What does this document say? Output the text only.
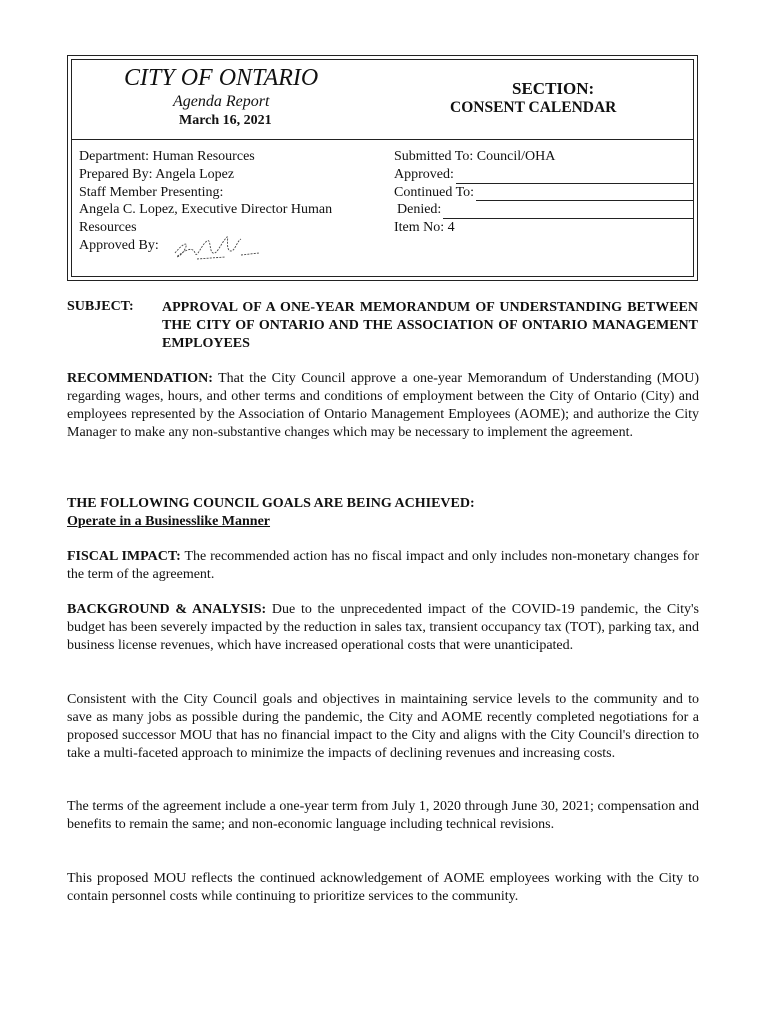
CITY OF ONTARIO
Agenda Report
March 16, 2021
SECTION:
CONSENT CALENDAR
Department: Human Resources
Prepared By: Angela Lopez
Staff Member Presenting:
Angela C. Lopez, Executive Director Human
Resources
Approved By:
Submitted To: Council/OHA
Approved:
Continued To:
Denied:
Item No: 4
SUBJECT: APPROVAL OF A ONE-YEAR MEMORANDUM OF UNDERSTANDING BETWEEN THE CITY OF ONTARIO AND THE ASSOCIATION OF ONTARIO MANAGEMENT EMPLOYEES
RECOMMENDATION: That the City Council approve a one-year Memorandum of Understanding (MOU) regarding wages, hours, and other terms and conditions of employment between the City of Ontario (City) and employees represented by the Association of Ontario Management Employees (AOME); and authorize the City Manager to make any non-substantive changes which may be necessary to implement the agreement.
THE FOLLOWING COUNCIL GOALS ARE BEING ACHIEVED:
Operate in a Businesslike Manner
FISCAL IMPACT: The recommended action has no fiscal impact and only includes non-monetary changes for the term of the agreement.
BACKGROUND & ANALYSIS: Due to the unprecedented impact of the COVID-19 pandemic, the City's budget has been severely impacted by the reduction in sales tax, transient occupancy tax (TOT), parking tax, and business license revenues, which have increased operational costs that were unanticipated.
Consistent with the City Council goals and objectives in maintaining service levels to the community and to save as many jobs as possible during the pandemic, the City and AOME recently completed negotiations for a proposed successor MOU that has no financial impact to the City and aligns with the City Council's direction to take a multi-faceted approach to minimize the impacts of declining revenues and increasing costs.
The terms of the agreement include a one-year term from July 1, 2020 through June 30, 2021; compensation and benefits to remain the same; and non-economic language including technical revisions.
This proposed MOU reflects the continued acknowledgement of AOME employees working with the City to contain personnel costs while continuing to prioritize services to the community.
